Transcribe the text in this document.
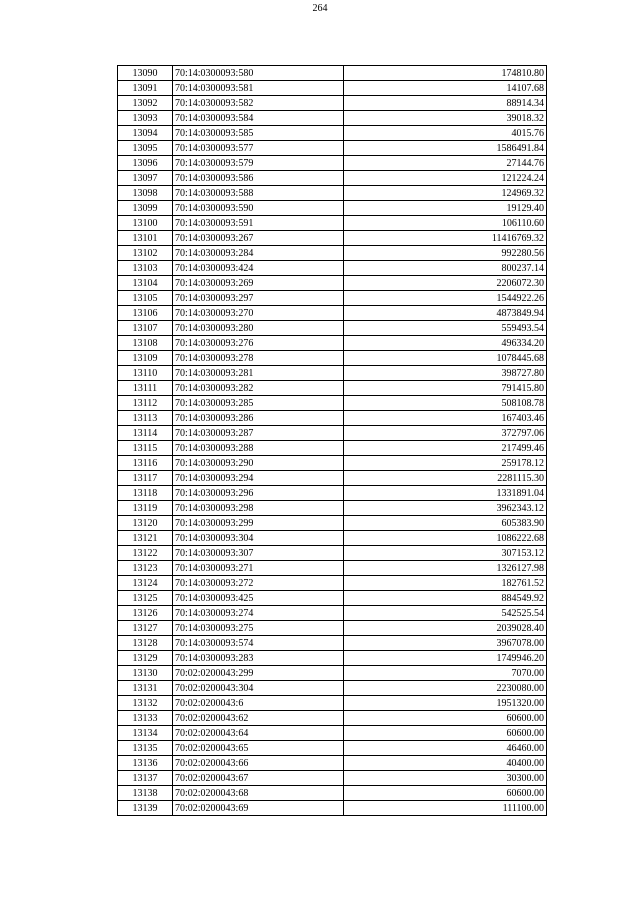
264
13090	70:14:0300093:580	174810.80
13091	70:14:0300093:581	14107.68
13092	70:14:0300093:582	88914.34
13093	70:14:0300093:584	39018.32
13094	70:14:0300093:585	4015.76
13095	70:14:0300093:577	1586491.84
13096	70:14:0300093:579	27144.76
13097	70:14:0300093:586	121224.24
13098	70:14:0300093:588	124969.32
13099	70:14:0300093:590	19129.40
13100	70:14:0300093:591	106110.60
13101	70:14:0300093:267	11416769.32
13102	70:14:0300093:284	992280.56
13103	70:14:0300093:424	800237.14
13104	70:14:0300093:269	2206072.30
13105	70:14:0300093:297	1544922.26
13106	70:14:0300093:270	4873849.94
13107	70:14:0300093:280	559493.54
13108	70:14:0300093:276	496334.20
13109	70:14:0300093:278	1078445.68
13110	70:14:0300093:281	398727.80
13111	70:14:0300093:282	791415.80
13112	70:14:0300093:285	508108.78
13113	70:14:0300093:286	167403.46
13114	70:14:0300093:287	372797.06
13115	70:14:0300093:288	217499.46
13116	70:14:0300093:290	259178.12
13117	70:14:0300093:294	2281115.30
13118	70:14:0300093:296	1331891.04
13119	70:14:0300093:298	3962343.12
13120	70:14:0300093:299	605383.90
13121	70:14:0300093:304	1086222.68
13122	70:14:0300093:307	307153.12
13123	70:14:0300093:271	1326127.98
13124	70:14:0300093:272	182761.52
13125	70:14:0300093:425	884549.92
13126	70:14:0300093:274	542525.54
13127	70:14:0300093:275	2039028.40
13128	70:14:0300093:574	3967078.00
13129	70:14:0300093:283	1749946.20
13130	70:02:0200043:299	7070.00
13131	70:02:0200043:304	2230080.00
13132	70:02:0200043:6	1951320.00
13133	70:02:0200043:62	60600.00
13134	70:02:0200043:64	60600.00
13135	70:02:0200043:65	46460.00
13136	70:02:0200043:66	40400.00
13137	70:02:0200043:67	30300.00
13138	70:02:0200043:68	60600.00
13139	70:02:0200043:69	111100.00
